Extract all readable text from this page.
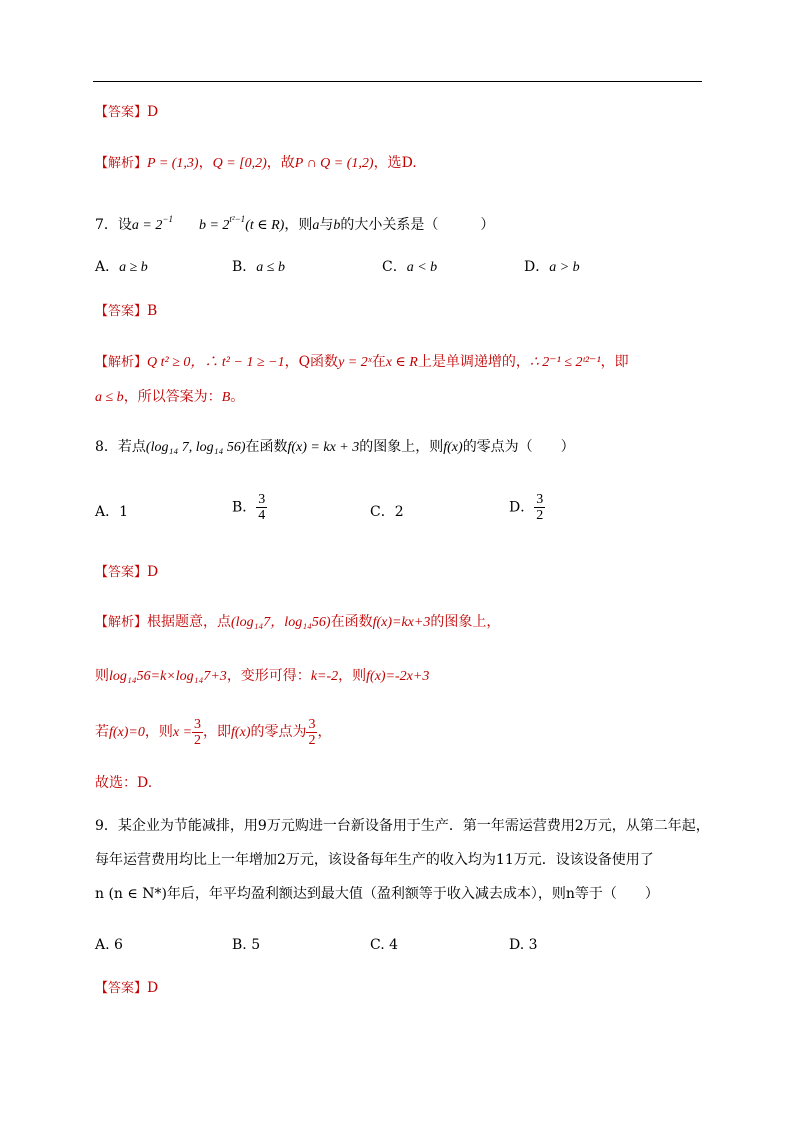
【答案】D
【解析】P = (1,3)，Q = [0,2)，故P ∩ Q = (1,2)，选D.
7．设$a = 2^{-1}$ $b = 2^{t^2-1}(t$ ∈ R)，则a与b的大小关系是（　　　）
A．a ≥ b	B．a ≤ b	C．a < b	D．a > b
【答案】B
【解析】Q t² ≥ 0，∴ t² − 1 ≥ −1，Q函数y = 2ˣ在x ∈ R上是单调递增的，∴ 2⁻¹ ≤ 2ᵗ²⁻¹，即
a ≤ b，所以答案为：B。
8．若点(log₁₄ 7, log₁₄ 56)在函数f(x) = kx + 3的图象上，则f(x)的零点为（　　）
A．1	B． $\frac{3}{4}$	C．2	D． $\frac{3}{2}$
【答案】D
【解析】根据题意，点(log₁₄7，log₁₄56)在函数f(x)=kx+3的图象上，
则log₁₄56=k×log₁₄7+3，变形可得：k=-2，则f(x)=-2x+3
若f(x)=0，则$x = \frac{3}{2}$ ，即f(x)的零点为 $\frac{3}{2}$ ，
故选：D.
9．某企业为节能减排，用9万元购进一台新设备用于生产．第一年需运营费用2万元，从第二年起，
每年运营费用均比上一年增加2万元，该设备每年生产的收入均为11万元．设该设备使用了
n (n ∈ N*)年后，年平均盈利额达到最大值（盈利额等于收入减去成本），则n等于（　　）
A. 6	B. 5	C. 4	D. 3
【答案】D
